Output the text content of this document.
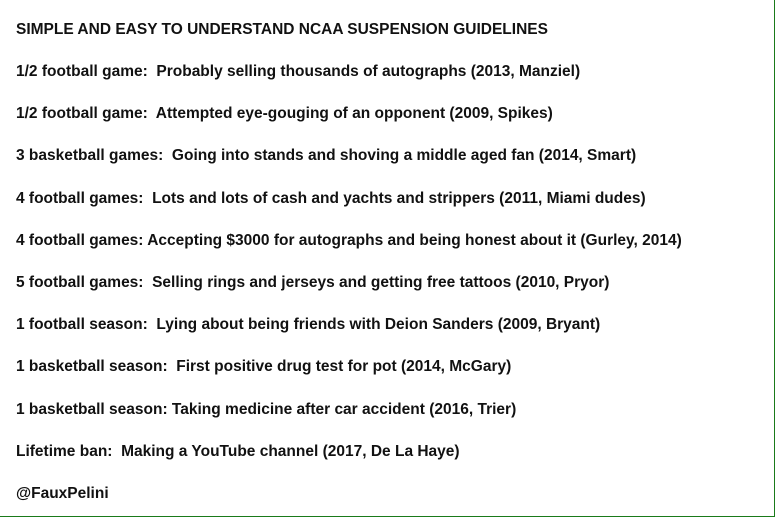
SIMPLE AND EASY TO UNDERSTAND NCAA SUSPENSION GUIDELINES
1/2 football game:  Probably selling thousands of autographs (2013, Manziel)
1/2 football game:  Attempted eye-gouging of an opponent (2009, Spikes)
3 basketball games:  Going into stands and shoving a middle aged fan (2014, Smart)
4 football games:  Lots and lots of cash and yachts and strippers (2011, Miami dudes)
4 football games: Accepting $3000 for autographs and being honest about it (Gurley, 2014)
5 football games:  Selling rings and jerseys and getting free tattoos (2010, Pryor)
1 football season:  Lying about being friends with Deion Sanders (2009, Bryant)
1 basketball season:  First positive drug test for pot (2014, McGary)
1 basketball season: Taking medicine after car accident (2016, Trier)
Lifetime ban:  Making a YouTube channel (2017, De La Haye)
@FauxPelini
